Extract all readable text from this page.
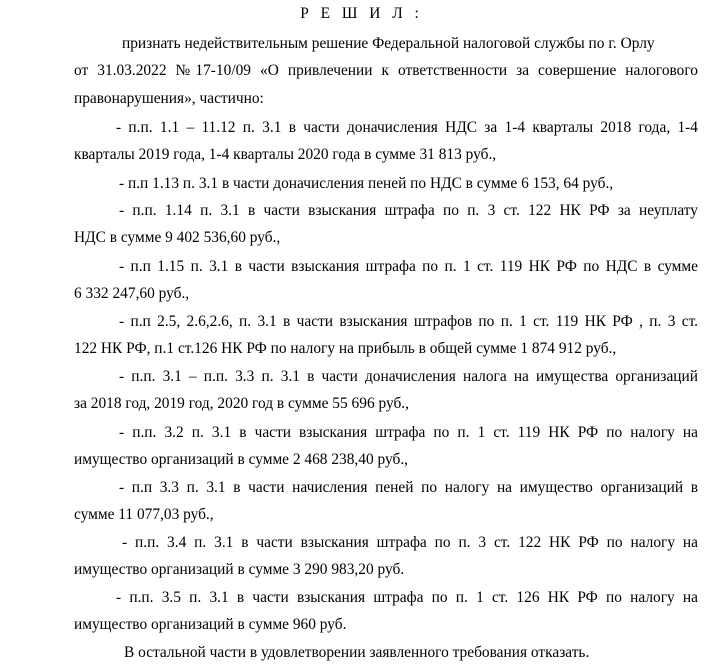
Р Е Ш И Л :
признать недействительным решение Федеральной налоговой службы по г. Орлу
от 31.03.2022 №17-10/09 «О привлечении к ответственности за совершение налогового
правонарушения», частично:
- п.п. 1.1 – 11.12 п. 3.1 в части доначисления НДС за 1-4 кварталы 2018 года, 1-4
кварталы 2019 года, 1-4 кварталы 2020 года в сумме 31 813 руб.,
- п.п 1.13 п. 3.1 в части доначисления пеней по НДС в сумме 6 153, 64 руб.,
- п.п. 1.14 п. 3.1 в части взыскания штрафа по п. 3 ст. 122 НК РФ за неуплату
НДС в сумме 9 402 536,60 руб.,
- п.п 1.15 п. 3.1 в части взыскания штрафа по п. 1 ст. 119 НК РФ по НДС в сумме
6 332 247,60 руб.,
- п.п 2.5, 2.6,2.6, п. 3.1 в части взыскания штрафов по п. 1 ст. 119 НК РФ , п. 3 ст.
122 НК РФ, п.1 ст.126 НК РФ по налогу на прибыль в общей сумме 1 874 912 руб.,
- п.п. 3.1 – п.п. 3.3 п. 3.1 в части доначисления налога на имущества организаций
за 2018 год, 2019 год, 2020 год в сумме 55 696 руб.,
- п.п. 3.2 п. 3.1 в части взыскания штрафа по п. 1 ст. 119 НК РФ по налогу на
имущество организаций в сумме 2 468 238,40 руб.,
- п.п 3.3 п. 3.1 в части начисления пеней по налогу на имущество организаций в
сумме 11 077,03 руб.,
- п.п. 3.4 п. 3.1 в части взыскания штрафа по п. 3 ст. 122 НК РФ по налогу на
имущество организаций в сумме 3 290 983,20 руб.
- п.п. 3.5 п. 3.1 в части взыскания штрафа по п. 1 ст. 126 НК РФ по налогу на
имущество организаций в сумме 960 руб.
В остальной части в удовлетворении заявленного требования отказать.
